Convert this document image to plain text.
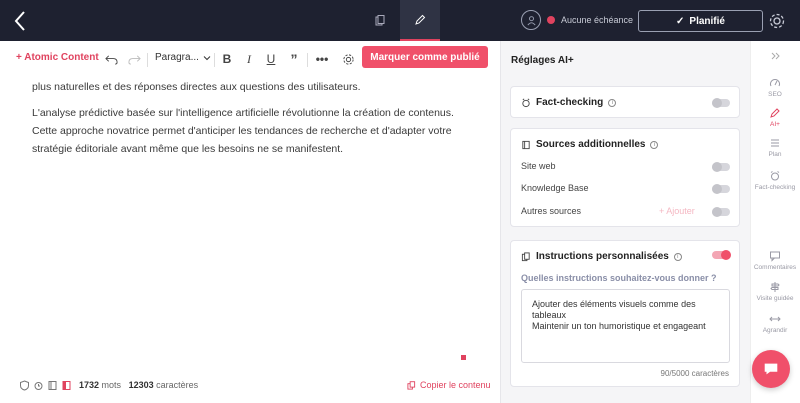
Aucune échéance	✓ Planifié
+ Atomic Content	Paragra... B I U ” •••	Marquer comme publié

plus naturelles et des réponses directes aux questions des utilisateurs.

L'analyse prédictive basée sur l'intelligence artificielle révolutionne la création de contenus. Cette approche novatrice permet d'anticiper les tendances de recherche et d'adapter votre stratégie éditoriale avant même que les besoins ne se manifestent.

1732 mots 12303 caractères	Copier le contenu
Réglages AI+
Fact-checking	i
Sources additionnelles	i
Site web
Knowledge Base
Autres sources	+ Ajouter
Instructions personnalisées	i
Quelles instructions souhaitez-vous donner ?
Ajouter des éléments visuels comme des tableaux
Maintenir un ton humoristique et engageant
90/5000 caractères
SEO
AI+
Plan
Fact-checking
Commentaires
Visite guidée
Agrandir
